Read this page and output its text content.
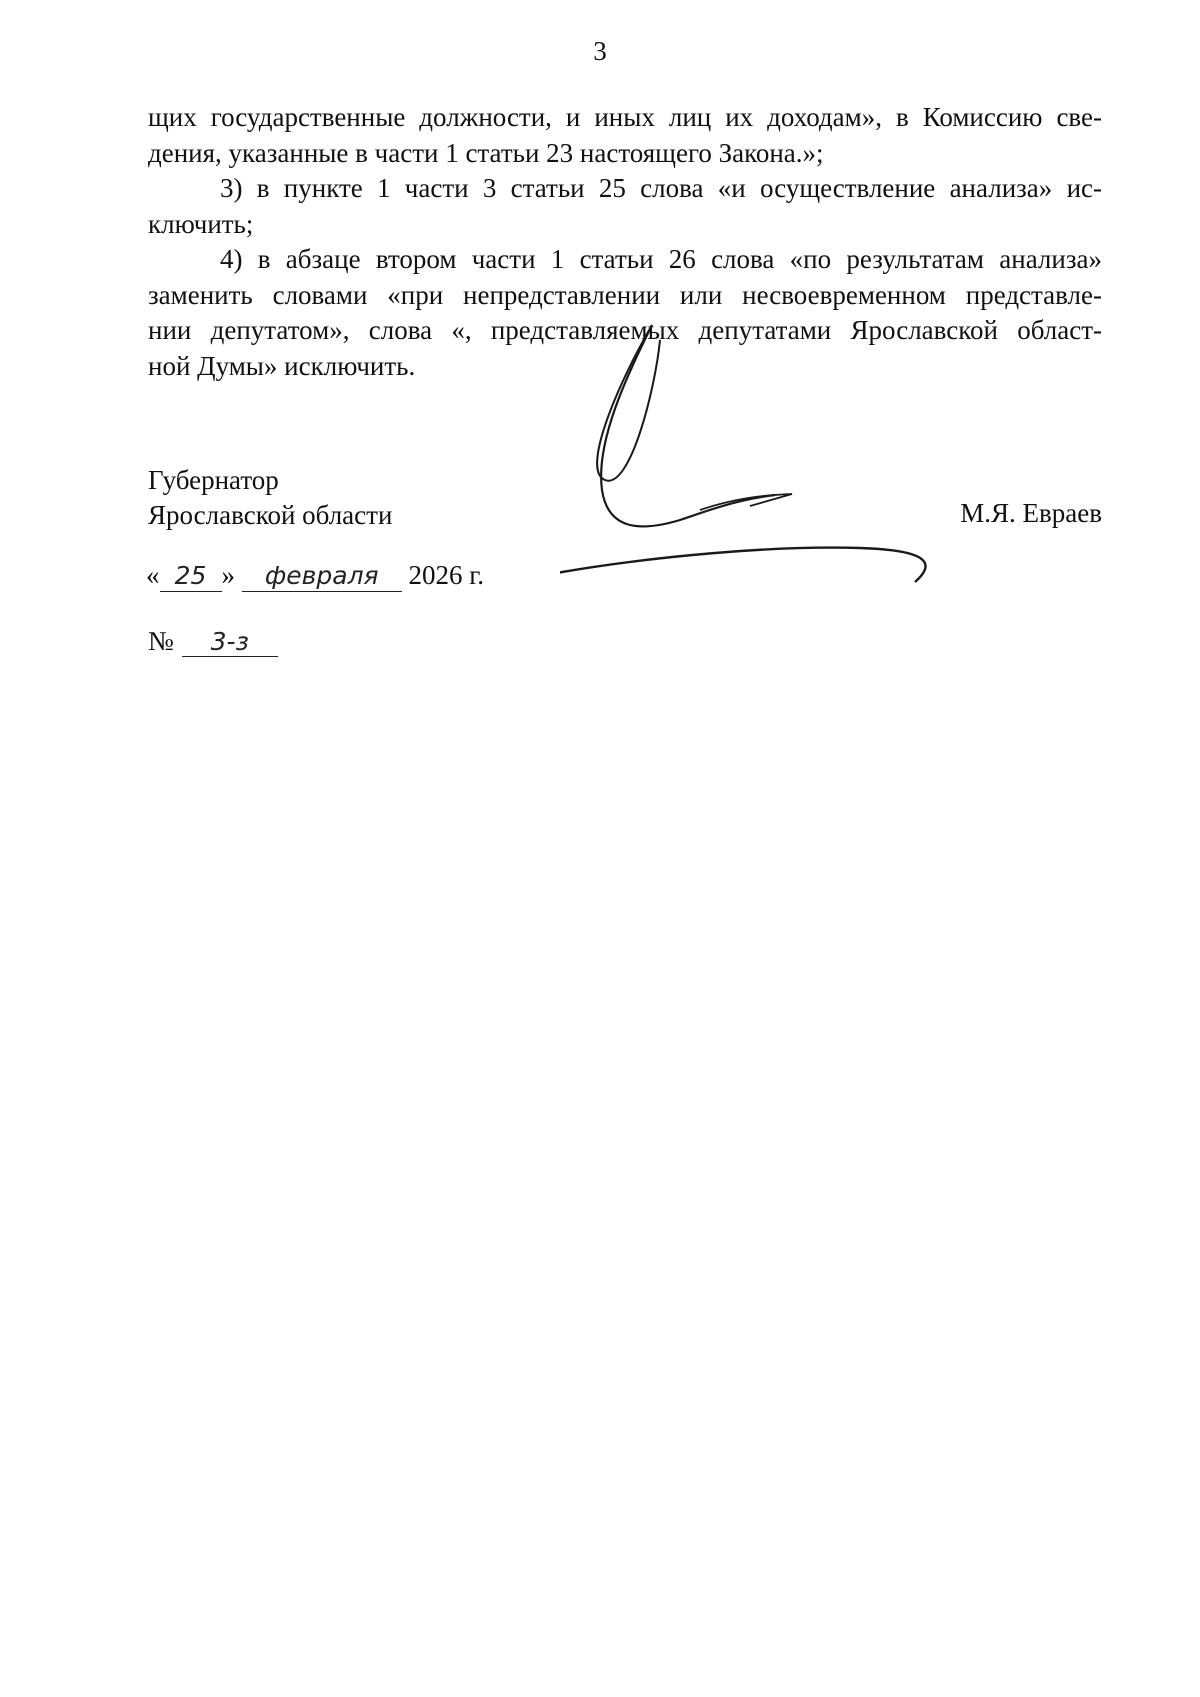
3
щих государственные должности, и иных лиц их доходам», в Комиссию све-
дения, указанные в части 1 статьи 23 настоящего Закона.»;
3) в пункте 1 части 3 статьи 25 слова «и осуществление анализа» ис-
ключить;
4) в абзаце втором части 1 статьи 26 слова «по результатам анализа»
заменить словами «при непредставлении или несвоевременном представле-
нии депутатом», слова «, представляемых депутатами Ярославской област-
ной Думы» исключить.
Губернатор
Ярославской области	М.Я. Евраев
« 25 » февраля 2026 г.
№ 3-з
